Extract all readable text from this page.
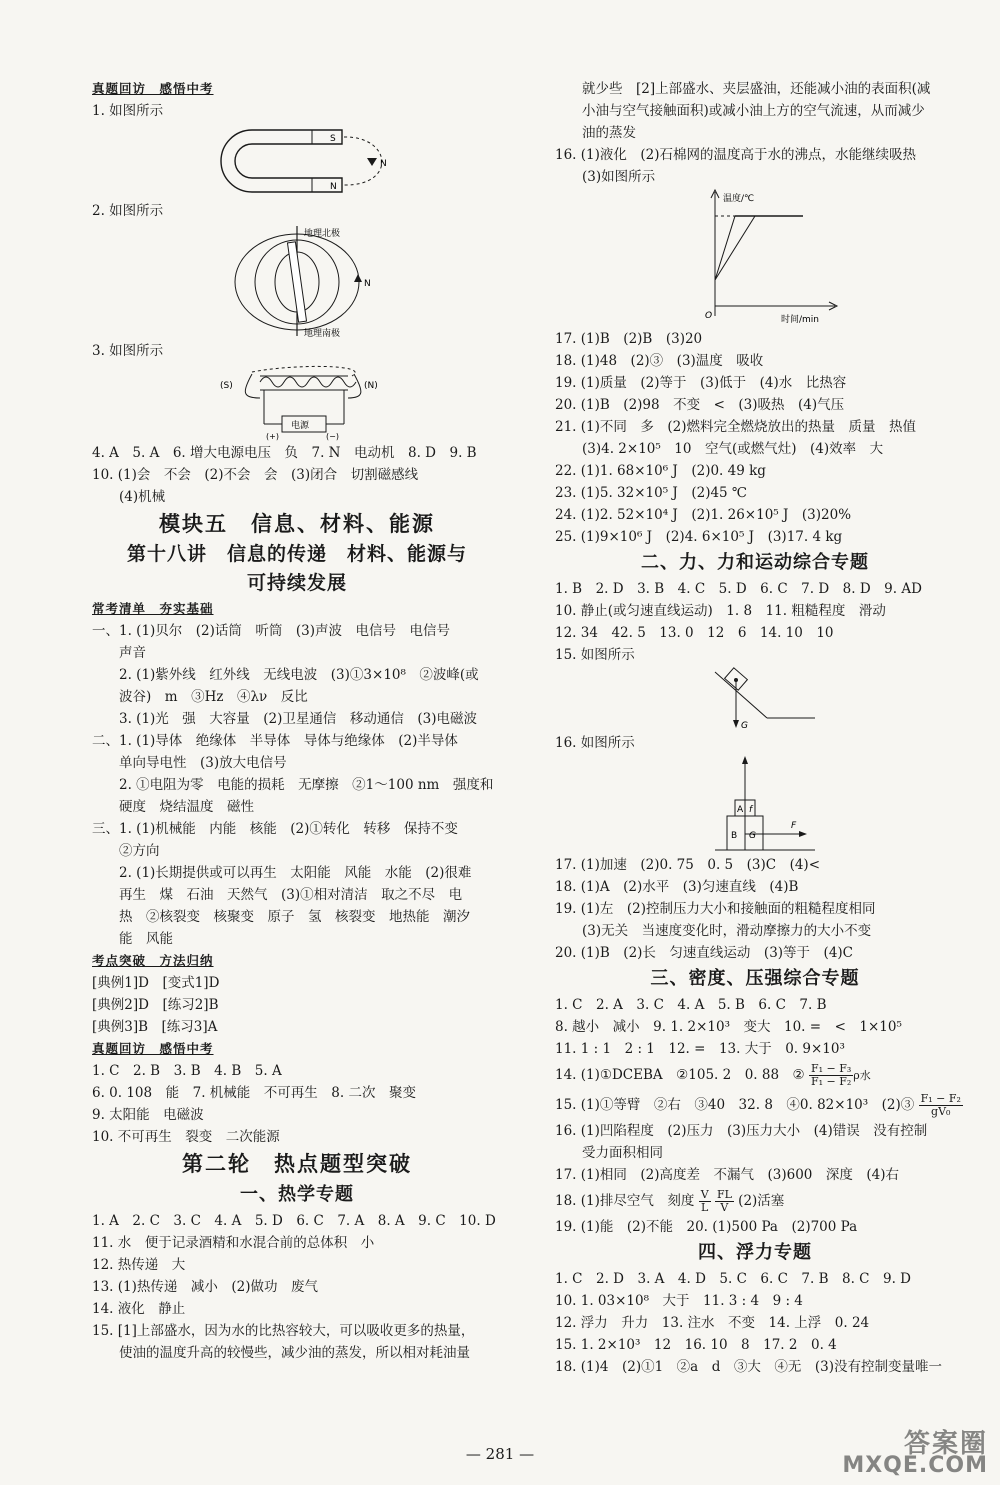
真题回访　感悟中考
1. 如图所示
S
N
N
2. 如图所示
地理北极
地理南极
N
3. 如图所示
电源
(S)	(N)
(+)	(−)
4. A　5. A　6. 增大电源电压　负　7. N　电动机　8. D　9. B
10. (1)会　不会　(2)不会　会　(3)闭合　切割磁感线
(4)机械
模块五　信息、材料、能源
第十八讲　信息的传递　材料、能源与
可持续发展
常考清单　夯实基础
一、1. (1)贝尔　(2)话筒　听筒　(3)声波　电信号　电信号
声音
2. (1)紫外线　红外线　无线电波　(3)①3×10⁸　②波峰(或
波谷)　m　③Hz　④λν　反比
3. (1)光　强　大容量　(2)卫星通信　移动通信　(3)电磁波
二、1. (1)导体　绝缘体　半导体　导体与绝缘体　(2)半导体
单向导电性　(3)放大电信号
2. ①电阻为零　电能的损耗　无摩擦　②1～100 nm　强度和
硬度　烧结温度　磁性
三、1. (1)机械能　内能　核能　(2)①转化　转移　保持不变
②方向
2. (1)长期提供或可以再生　太阳能　风能　水能　(2)很难
再生　煤　石油　天然气　(3)①相对清洁　取之不尽　电
热　②核裂变　核聚变　原子　氢　核裂变　地热能　潮汐
能　风能
考点突破　方法归纳
[典例1]D　[变式1]D
[典例2]D　[练习2]B
[典例3]B　[练习3]A
真题回访　感悟中考
1. C　2. B　3. B　4. B　5. A
6. 0. 108　能　7. 机械能　不可再生　8. 二次　聚变
9. 太阳能　电磁波
10. 不可再生　裂变　二次能源
第二轮　热点题型突破
一、热学专题
1. A　2. C　3. C　4. A　5. D　6. C　7. A　8. A　9. C　10. D
11. 水　便于记录酒精和水混合前的总体积　小
12. 热传递　大
13. (1)热传递　减小　(2)做功　废气
14. 液化　静止
15. [1]上部盛水，因为水的比热容较大，可以吸收更多的热量，
使油的温度升高的较慢些，减少油的蒸发，所以相对耗油量
就少些　[2]上部盛水、夹层盛油，还能减小油的表面积(减
小油与空气接触面积)或减小油上方的空气流速，从而减少
油的蒸发
16. (1)液化　(2)石棉网的温度高于水的沸点，水能继续吸热
(3)如图所示
温度/℃
时间/min
O
17. (1)B　(2)B　(3)20
18. (1)48　(2)③　(3)温度　吸收
19. (1)质量　(2)等于　(3)低于　(4)水　比热容
20. (1)B　(2)98　不变　<　(3)吸热　(4)气压
21. (1)不同　多　(2)燃料完全燃烧放出的热量　质量　热值
(3)4. 2×10⁵　10　空气(或燃气灶)　(4)效率　大
22. (1)1. 68×10⁶ J　(2)0. 49 kg
23. (1)5. 32×10⁵ J　(2)45 ℃
24. (1)2. 52×10⁴ J　(2)1. 26×10⁵ J　(3)20%
25. (1)9×10⁶ J　(2)4. 6×10⁵ J　(3)17. 4 kg
二、力、力和运动综合专题
1. B　2. D　3. B　4. C　5. D　6. C　7. D　8. D　9. AD
10. 静止(或匀速直线运动)　1. 8　11. 粗糙程度　滑动
12. 34　42. 5　13. 0　12　6　14. 10　10
15. 如图所示
G
16. 如图所示
A f
B G
F
17. (1)加速　(2)0. 75　0. 5　(3)C　(4)<
18. (1)A　(2)水平　(3)匀速直线　(4)B
19. (1)左　(2)控制压力大小和接触面的粗糙程度相同
(3)无关　当速度变化时，滑动摩擦力的大小不变
20. (1)B　(2)长　匀速直线运动　(3)等于　(4)C
三、密度、压强综合专题
1. C　2. A　3. C　4. A　5. B　6. C　7. B
8. 越小　减小　9. 1. 2×10³　变大　10. =　<　1×10⁵
11. 1 : 1　2 : 1　12. =　13. 大于　0. 9×10³
14. (1)①DCEBA　②105. 2　0. 88　② $\frac{\text{F₁ − F₃}}{\text{F₁ − F₂}}$ ρ水
15. (1)①等臂　②右　③40　32. 8　④0. 82×10³　(2)③ $\frac{\text{F₁ − F₂}}{\text{gV₀}}$
16. (1)凹陷程度　(2)压力　(3)压力大小　(4)错误　没有控制
受力面积相同
17. (1)相同　(2)高度差　不漏气　(3)600　深度　(4)右
18. (1)排尽空气　刻度 $\frac{V}{L}$
$\frac{FL}{V} (2)$活塞
19. (1)能　(2)不能　20. (1)500 Pa　(2)700 Pa
四、浮力专题
1. C　2. D　3. A　4. D　5. C　6. C　7. B　8. C　9. D
10. 1. 03×10⁸　大于　11. 3 : 4　9 : 4
12. 浮力　升力　13. 注水　不变　14. 上浮　0. 24
15. 1. 2×10³　12　16. 10　8　17. 2　0. 4
18. (1)4　(2)①1　②a　d　③大　④无　(3)没有控制变量唯一
— 281 —	答案圈
MXQE.COM
